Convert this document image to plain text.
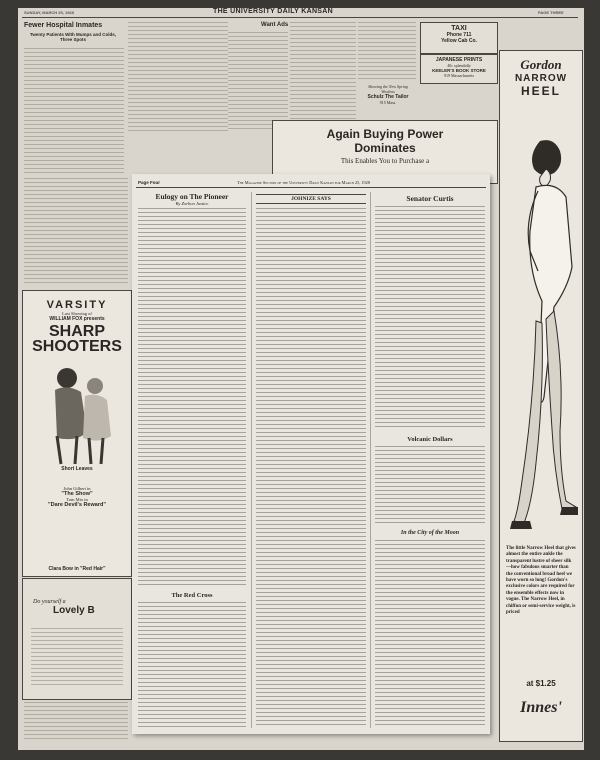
SUNDAY, MARCH 25, 1928	THE UNIVERSITY DAILY KANSAN	PAGE THREE
Fewer Hospital Inmates
Twenty Patients With Mumps and Colds, Three Spots
Want Ads	TAXI
Phone 711
Yellow Cab Co.
JAPANESE PRINTS
40c splendidly
KEELER'S BOOK STORE
919 Massachusetts
Showing the New Spring
Woolens
Schulz The Tailor
915 Mass.
Gordon
NARROW
HEEL
The little Narrow Heel that gives almost the entire ankle the transparent lustre of sheer silk —how fabulous smarter than the conventional broad heel we have worn so long! Gordon's exclusive colors are required for the ensemble effects now in vogue. The Narrow Heel, in chiffon or semi-service weight, is priced
at $1.25
Innes'
Again Buying Power
Dominates
This Enables You to Purchase a
VARSITY
Last Showing of
WILLIAM FOX presents
SHARP SHOOTERS
Short Leaves
John Gilbert in
"The Show"
Tom Mix in
"Dare Devil's Reward"
Clara Bow in "Red Hair"
Do yourself a
Lovely B
Page Four	The Magazine Section of the University Daily Kansan for March 25, 1928
Eulogy on The Pioneer
By Zorbon Justice
The Red Cross
JOHNIZE SAYS	Senator Curtis
Volcanic Dollars
In the City of the Moon
